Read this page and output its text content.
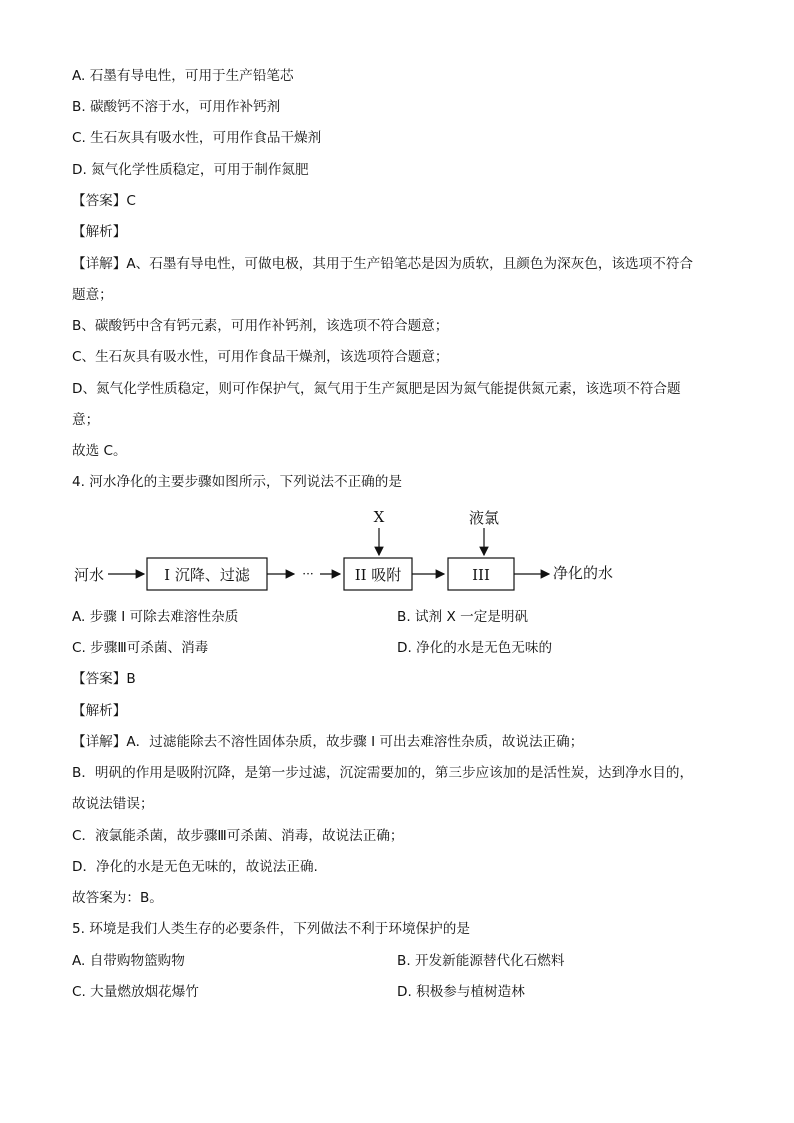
A. 石墨有导电性，可用于生产铅笔芯
B. 碳酸钙不溶于水，可用作补钙剂
C. 生石灰具有吸水性，可用作食品干燥剂
D. 氮气化学性质稳定，可用于制作氮肥
【答案】C
【解析】
【详解】A、石墨有导电性，可做电极，其用于生产铅笔芯是因为质软，且颜色为深灰色，该选项不符合
题意；
B、碳酸钙中含有钙元素，可用作补钙剂，该选项不符合题意；
C、生石灰具有吸水性，可用作食品干燥剂，该选项符合题意；
D、氮气化学性质稳定，则可作保护气，氮气用于生产氮肥是因为氮气能提供氮元素，该选项不符合题
意；
故选 C。
4. 河水净化的主要步骤如图所示，下列说法不正确的是
河水	I 沉降、过滤	···	II 吸附
X
III
液氯
净化的水
A. 步骤 I 可除去难溶性杂质	B. 试剂 X 一定是明矾
C. 步骤Ⅲ可杀菌、消毒	D. 净化的水是无色无味的
【答案】B
【解析】
【详解】A．过滤能除去不溶性固体杂质，故步骤 I 可出去难溶性杂质，故说法正确；
B．明矾的作用是吸附沉降，是第一步过滤，沉淀需要加的，第三步应该加的是活性炭，达到净水目的，
故说法错误；
C．液氯能杀菌，故步骤Ⅲ可杀菌、消毒，故说法正确；
D．净化的水是无色无味的，故说法正确.
故答案为：B。
5. 环境是我们人类生存的必要条件，下列做法不利于环境保护的是
A. 自带购物篮购物	B. 开发新能源替代化石燃料
C. 大量燃放烟花爆竹	D. 积极参与植树造林
